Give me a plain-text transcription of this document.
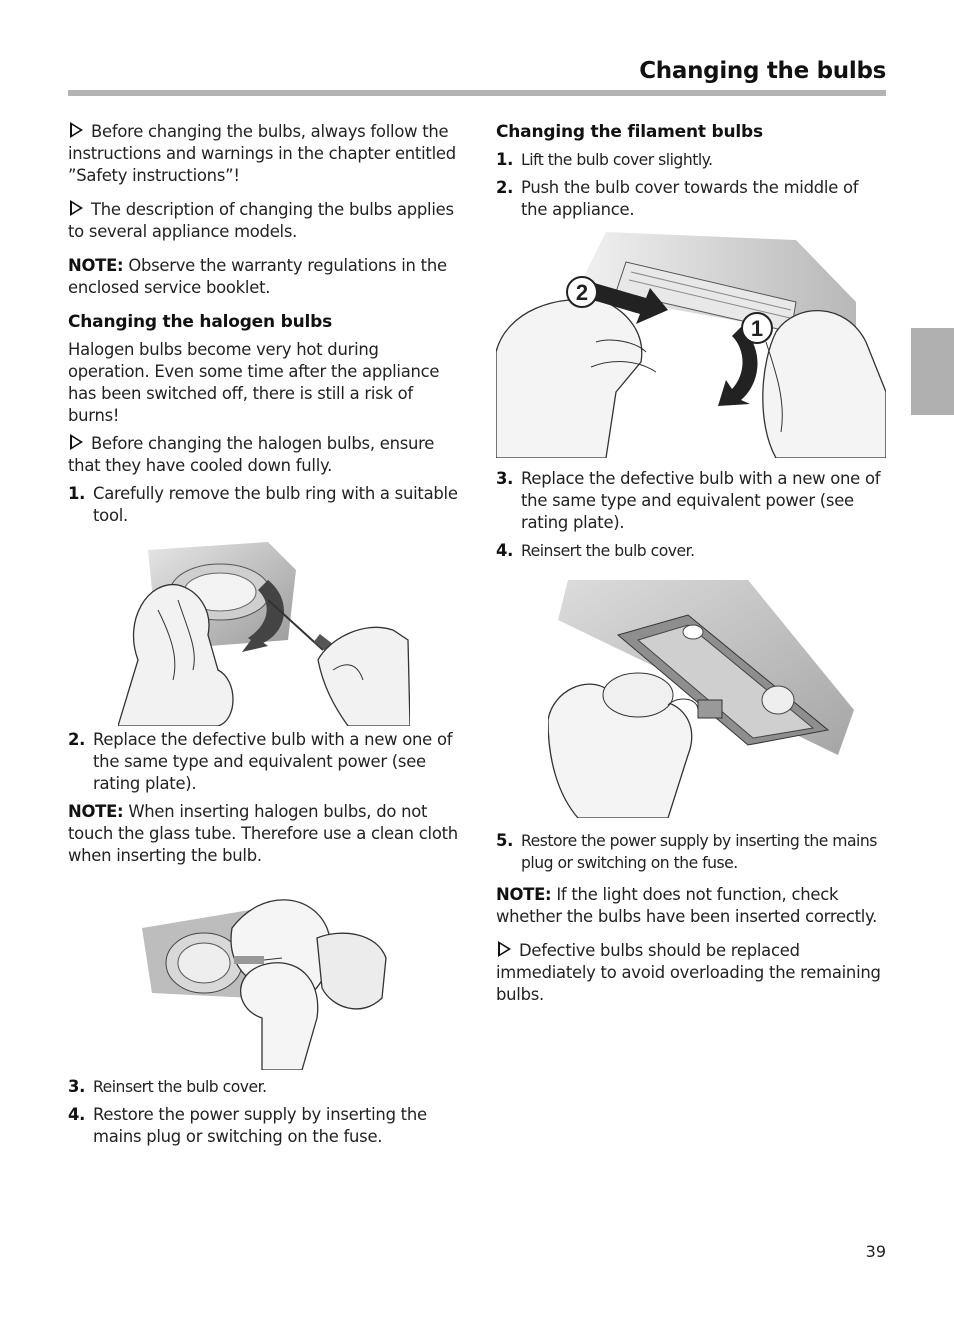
Changing the bulbs

Before changing the bulbs, always follow the instructions and warnings in the chapter entitled ”Safety instructions”!

The description of changing the bulbs applies to several appliance models.

NOTE: Observe the warranty regulations in the enclosed service booklet.

Changing the halogen bulbs

Halogen bulbs become very hot during operation. Even some time after the appliance has been switched off, there is still a risk of burns!

Before changing the halogen bulbs, ensure that they have cooled down fully.

1. Carefully remove the bulb ring with a suitable tool.
2. Replace the defective bulb with a new one of the same type and equivalent power (see rating plate).

NOTE: When inserting halogen bulbs, do not touch the glass tube. Therefore use a clean cloth when inserting the bulb.

3. Reinsert the bulb cover.
4. Restore the power supply by inserting the mains plug or switching on the fuse.
Changing the filament bulbs
1. Lift the bulb cover slightly.
2. Push the bulb cover towards the middle of the appliance.
2
1
3. Replace the defective bulb with a new one of the same type and equivalent power (see rating plate).
4. Reinsert the bulb cover.
5. Restore the power supply by inserting the mains plug or switching on the fuse.

NOTE: If the light does not function, check whether the bulbs have been inserted correctly.

Defective bulbs should be replaced immediately to avoid overloading the remaining bulbs.

39
